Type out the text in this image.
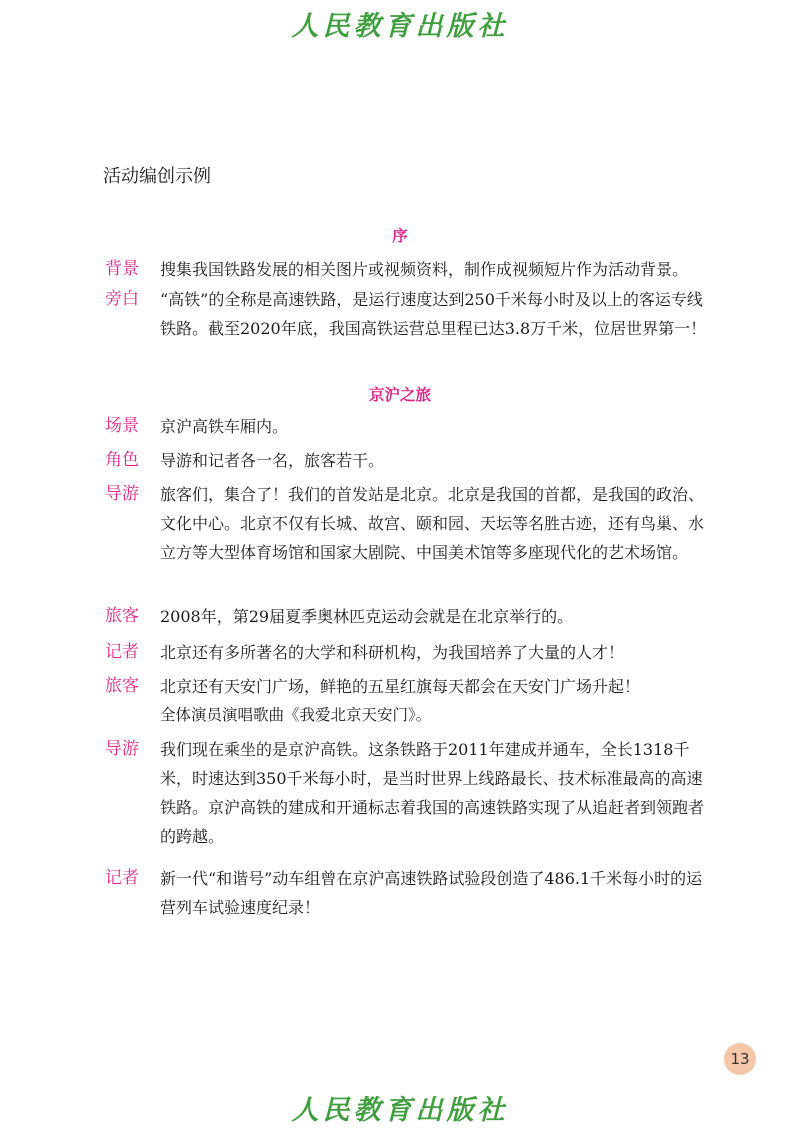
人民教育出版社
活动编创示例
序
背景 搜集我国铁路发展的相关图片或视频资料，制作成视频短片作为活动背景。
旁白 “高铁”的全称是高速铁路，是运行速度达到250千米每小时及以上的客运专线铁路。截至2020年底，我国高铁运营总里程已达3.8万千米，位居世界第一！
京沪之旅
场景 京沪高铁车厢内。
角色 导游和记者各一名，旅客若干。
导游 旅客们，集合了！我们的首发站是北京。北京是我国的首都，是我国的政治、文化中心。北京不仅有长城、故宫、颐和园、天坛等名胜古迹，还有鸟巢、水立方等大型体育场馆和国家大剧院、中国美术馆等多座现代化的艺术场馆。
旅客 2008年，第29届夏季奥林匹克运动会就是在北京举行的。
记者 北京还有多所著名的大学和科研机构，为我国培养了大量的人才！
旅客 北京还有天安门广场，鲜艳的五星红旗每天都会在天安门广场升起！
全体演员演唱歌曲《我爱北京天安门》。
导游 我们现在乘坐的是京沪高铁。这条铁路于2011年建成并通车，全长1318千米，时速达到350千米每小时，是当时世界上线路最长、技术标准最高的高速铁路。京沪高铁的建成和开通标志着我国的高速铁路实现了从追赶者到领跑者的跨越。
记者 新一代“和谐号”动车组曾在京沪高速铁路试验段创造了486.1千米每小时的运营列车试验速度纪录！
13
人民教育出版社
